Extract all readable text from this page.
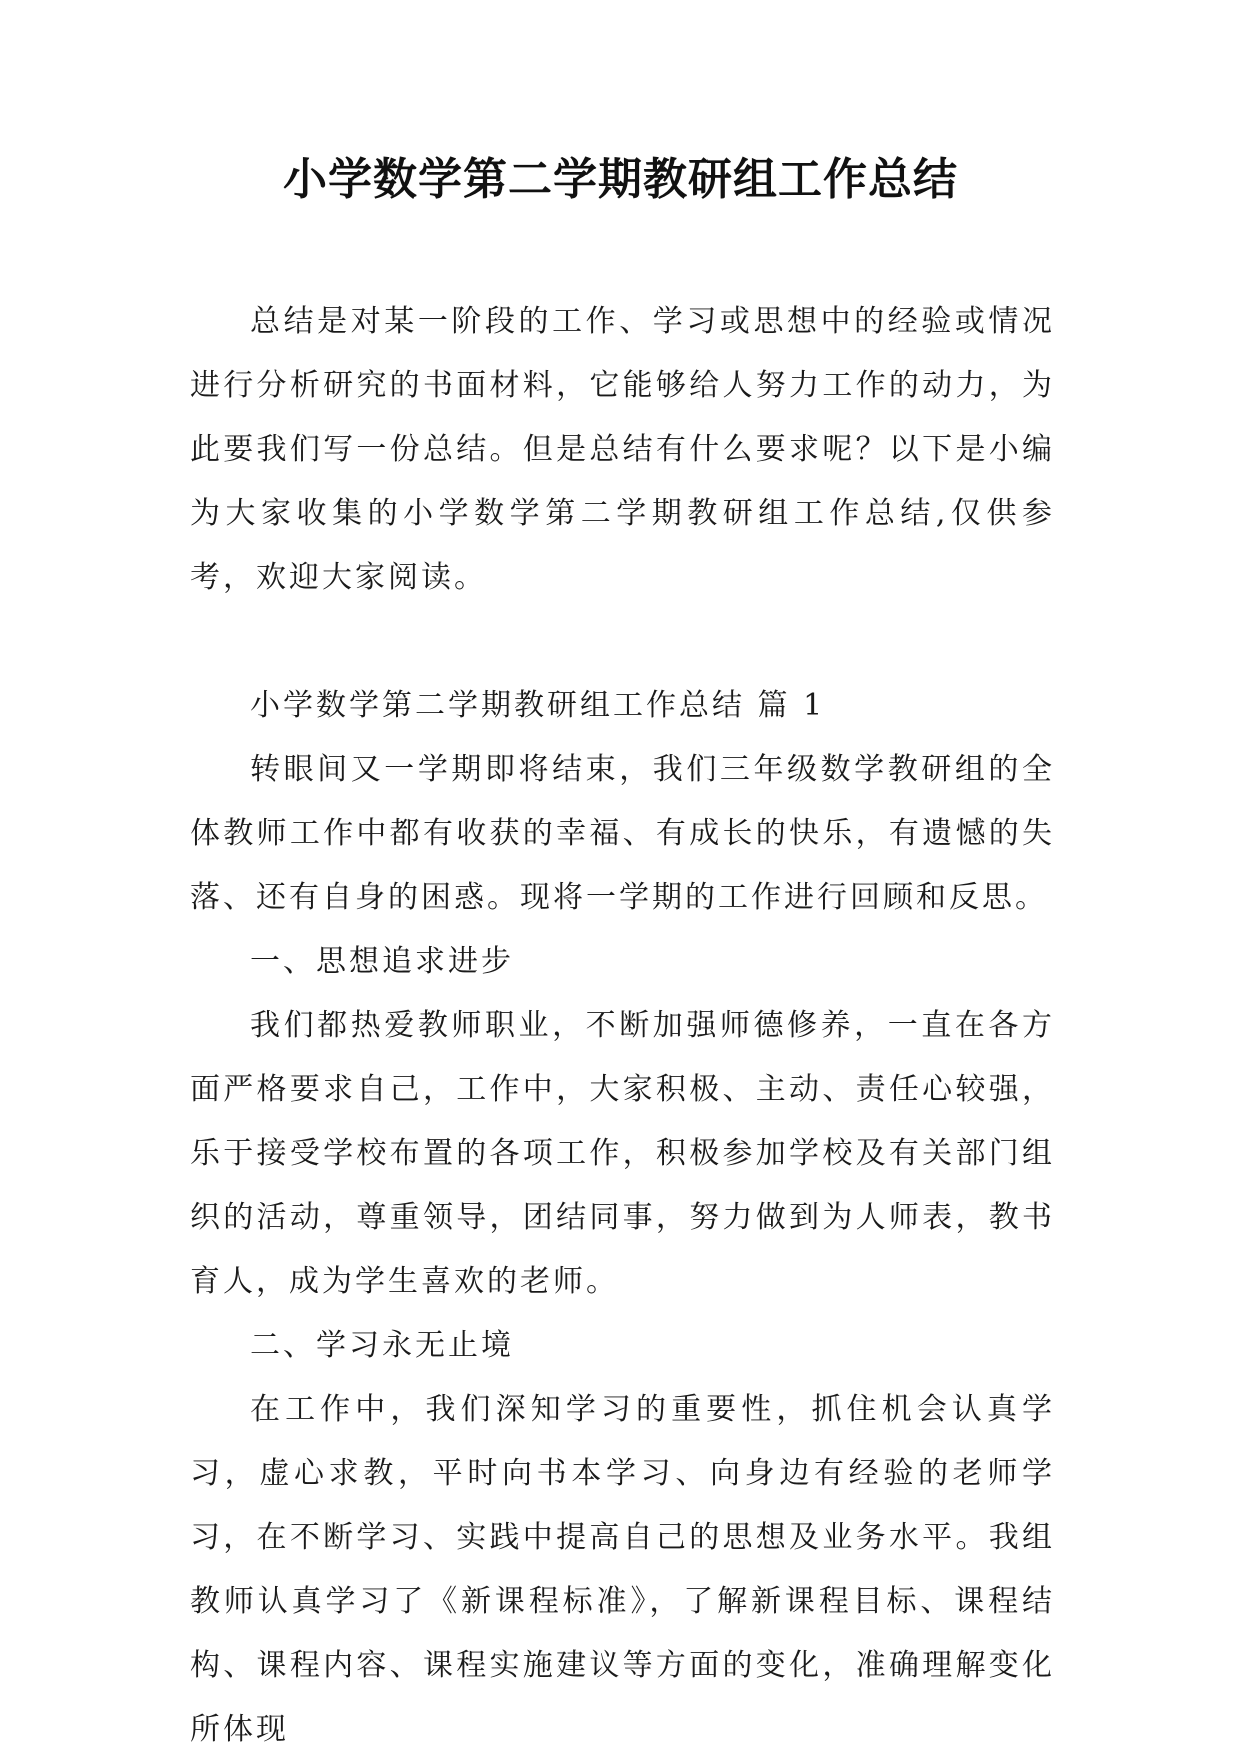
小学数学第二学期教研组工作总结

总结是对某一阶段的工作、学习或思想中的经验或情况进行分析研究的书面材料，它能够给人努力工作的动力，为此要我们写一份总结。但是总结有什么要求呢？以下是小编为大家收集的小学数学第二学期教研组工作总结,仅供参考，欢迎大家阅读。

小学数学第二学期教研组工作总结 篇 1

转眼间又一学期即将结束，我们三年级数学教研组的全体教师工作中都有收获的幸福、有成长的快乐，有遗憾的失落、还有自身的困惑。现将一学期的工作进行回顾和反思。

一、思想追求进步

我们都热爱教师职业，不断加强师德修养，一直在各方面严格要求自己，工作中，大家积极、主动、责任心较强，乐于接受学校布置的各项工作，积极参加学校及有关部门组织的活动，尊重领导，团结同事，努力做到为人师表，教书育人，成为学生喜欢的老师。

二、学习永无止境

在工作中，我们深知学习的重要性，抓住机会认真学习，虚心求教，平时向书本学习、向身边有经验的老师学习，在不断学习、实践中提高自己的思想及业务水平。我组教师认真学习了《新课程标准》，了解新课程目标、课程结构、课程内容、课程实施建议等方面的变化，准确理解变化所体现
